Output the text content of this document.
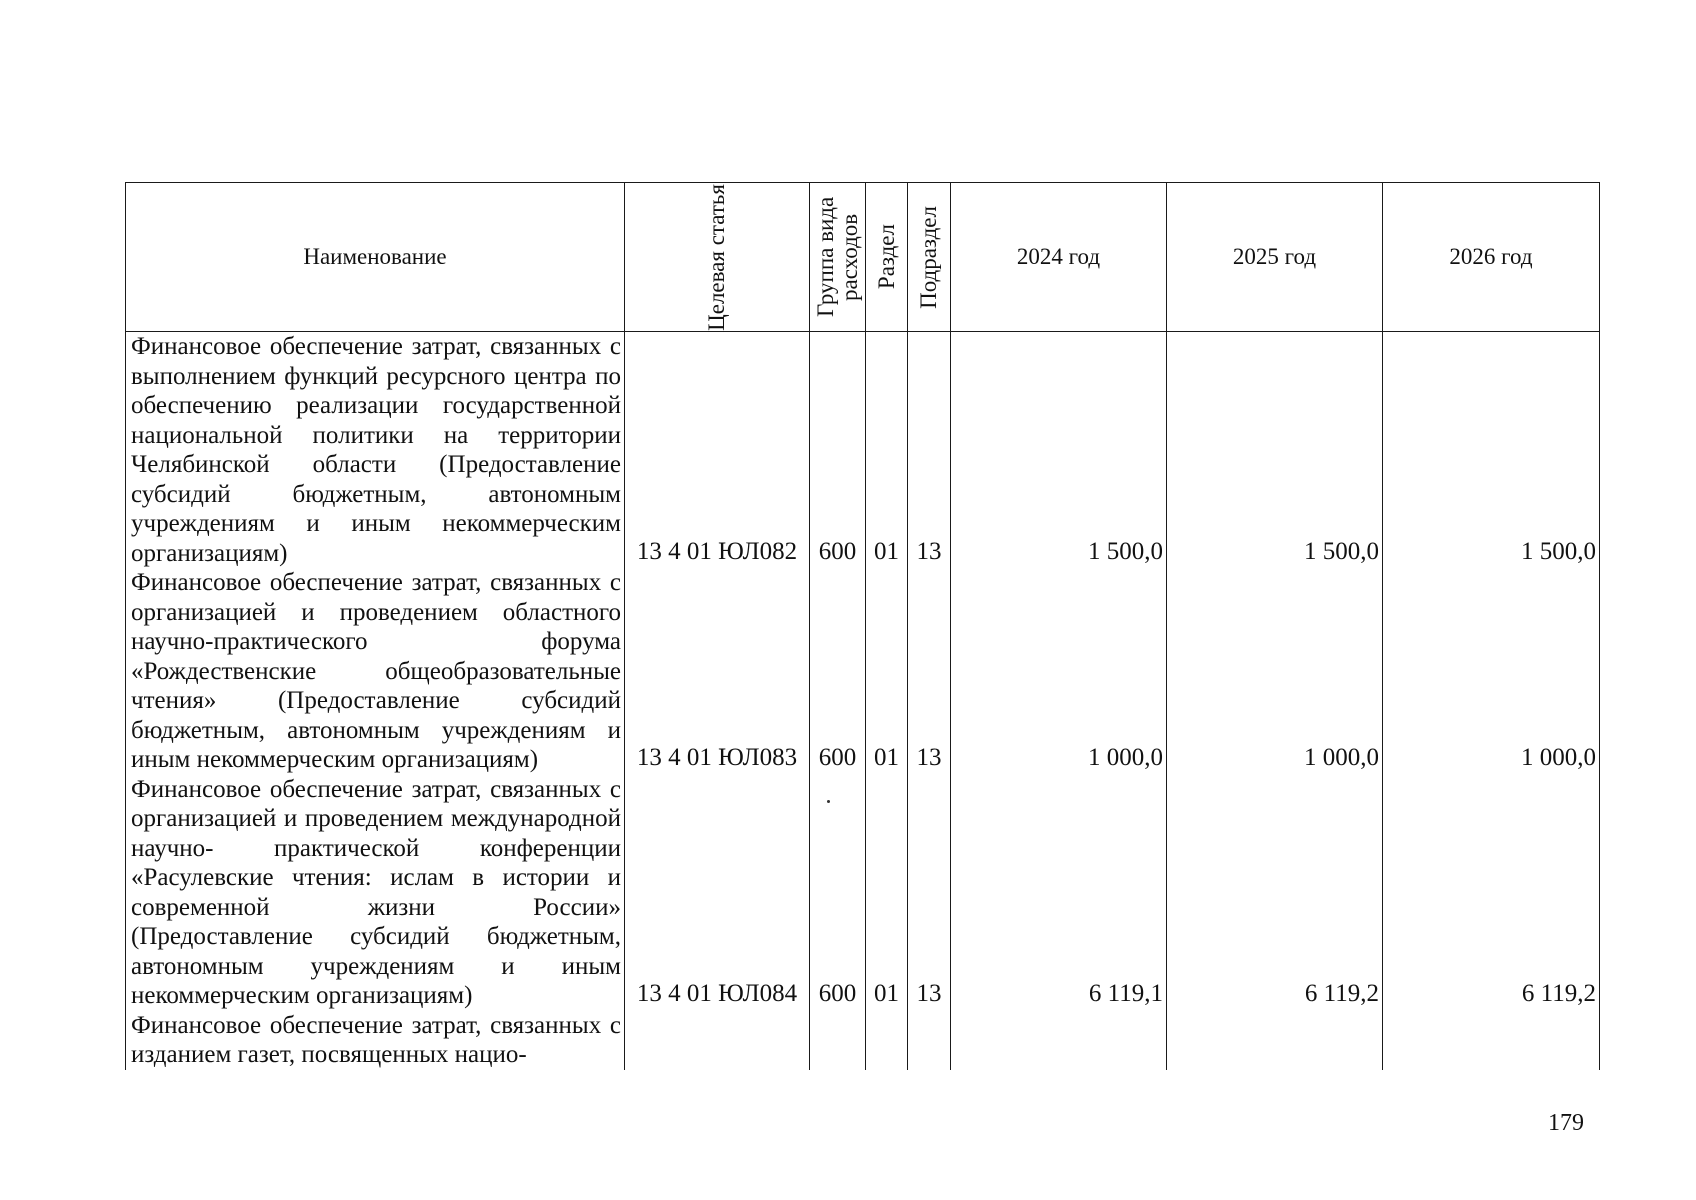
Наименование	Целевая статья	Группа вида расходов	Раздел	Подраздел	2024 год	2025 год	2026 год
Финансовое обеспечение затрат, связанных с выполнением функций ресурсного центра по обеспечению реализации государственной национальной политики на территории Челябинской области (Предоставление субсидий бюджетным, автономным учреждениям и иным некоммерческим организациям)	13 4 01 ЮЛ082	600	01	13	1 500,0	1 500,0	1 500,0
Финансовое обеспечение затрат, связанных с организацией и проведением областного научно-практического форума «Рождественские общеобразовательные чтения» (Предоставление субсидий бюджетным, автономным учреждениям и иным некоммерческим организациям)	13 4 01 ЮЛ083	600	01	13	1 000,0	1 000,0	1 000,0
Финансовое обеспечение затрат, связанных с организацией и проведением международной научно- практической конференции «Расулевские чтения: ислам в истории и современной жизни России» (Предоставление субсидий бюджетным, автономным учреждениям и иным некоммерческим организациям)	13 4 01 ЮЛ084	600	01	13	6 119,1	6 119,2	6 119,2
Финансовое обеспечение затрат, связанных с изданием газет, посвященных нацио-							
179
